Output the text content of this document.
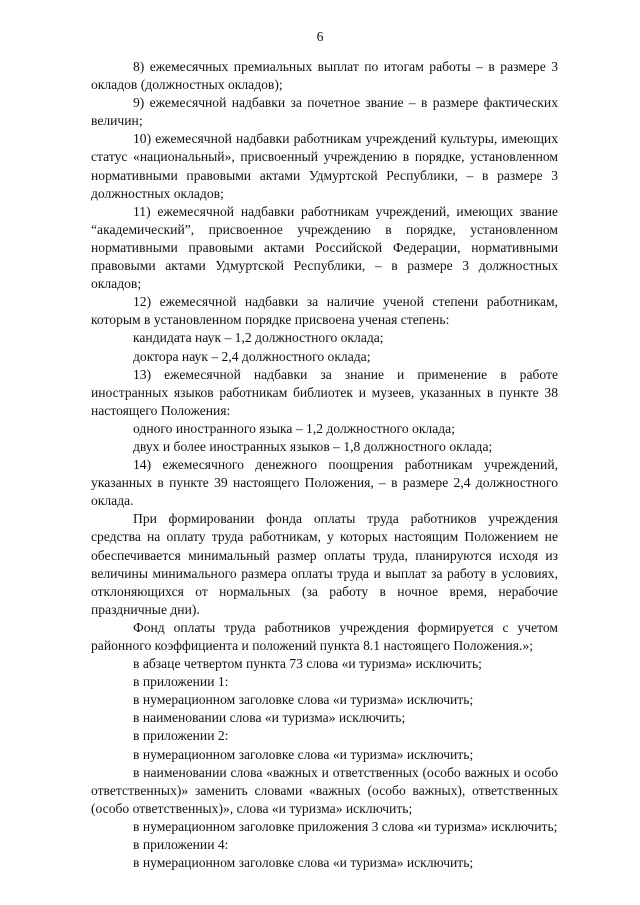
6

8) ежемесячных премиальных выплат по итогам работы – в размере 3 окладов (должностных окладов);

9) ежемесячной надбавки за почетное звание – в размере фактических величин;

10) ежемесячной надбавки работникам учреждений культуры, имеющих статус «национальный», присвоенный учреждению в порядке, установленном нормативными правовыми актами Удмуртской Республики, – в размере 3 должностных окладов;

11) ежемесячной надбавки работникам учреждений, имеющих звание “академический”, присвоенное учреждению в порядке, установленном нормативными правовыми актами Российской Федерации, нормативными правовыми актами Удмуртской Республики, – в размере 3 должностных окладов;

12) ежемесячной надбавки за наличие ученой степени работникам, которым в установленном порядке присвоена ученая степень:

кандидата наук – 1,2 должностного оклада;

доктора наук – 2,4 должностного оклада;

13) ежемесячной надбавки за знание и применение в работе иностранных языков работникам библиотек и музеев, указанных в пункте 38 настоящего Положения:

одного иностранного языка – 1,2 должностного оклада;

двух и более иностранных языков – 1,8 должностного оклада;

14) ежемесячного денежного поощрения работникам учреждений, указанных в пункте 39 настоящего Положения, – в размере 2,4 должностного оклада.

При формировании фонда оплаты труда работников учреждения средства на оплату труда работникам, у которых настоящим Положением не обеспечивается минимальный размер оплаты труда, планируются исходя из величины минимального размера оплаты труда и выплат за работу в условиях, отклоняющихся от нормальных (за работу в ночное время, нерабочие праздничные дни).

Фонд оплаты труда работников учреждения формируется с учетом районного коэффициента и положений пункта 8.1 настоящего Положения.»;

в абзаце четвертом пункта 73 слова «и туризма» исключить;

в приложении 1:

в нумерационном заголовке слова «и туризма» исключить;

в наименовании слова «и туризма» исключить;

в приложении 2:

в нумерационном заголовке слова «и туризма» исключить;

в наименовании слова «важных и ответственных (особо важных и особо ответственных)» заменить словами «важных (особо важных), ответственных (особо ответственных)», слова «и туризма» исключить;

в нумерационном заголовке приложения 3 слова «и туризма» исключить;

в приложении 4:

в нумерационном заголовке слова «и туризма» исключить;
